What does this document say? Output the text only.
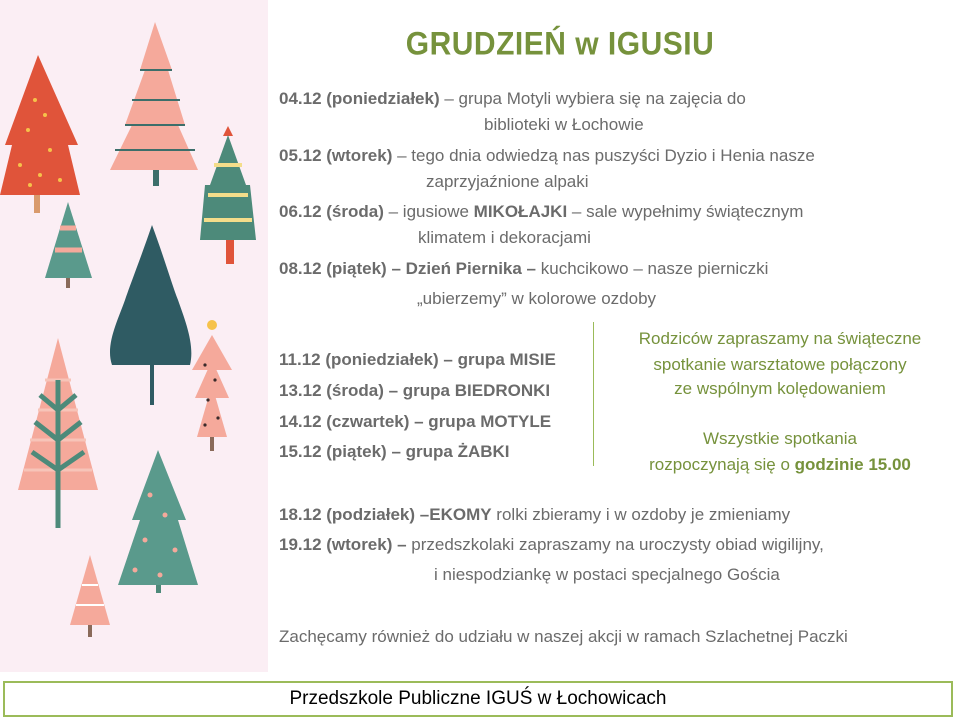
GRUDZIEŃ w IGUSIU
04.12 (poniedziałek) – grupa Motyli wybiera się na zajęcia do
biblioteki w Łochowie
05.12 (wtorek) – tego dnia odwiedzą nas puszyści Dyzio i Henia nasze
zaprzyjaźnione alpaki
06.12 (środa) – igusiowe MIKOŁAJKI – sale wypełnimy świątecznym
klimatem i dekoracjami
08.12 (piątek) – Dzień Piernika – kuchcikowo – nasze pierniczki
„ubierzemy” w kolorowe ozdoby
11.12 (poniedziałek) – grupa MISIE
13.12 (środa) – grupa BIEDRONKI
14.12 (czwartek) – grupa MOTYLE
15.12 (piątek) – grupa ŻABKI
Rodziców zapraszamy na świąteczne
spotkanie warsztatowe połączony
ze wspólnym kolędowaniem
Wszystkie spotkania
rozpoczynają się o godzinie 15.00
18.12 (podziałek) –EKOMY rolki zbieramy i w ozdoby je zmieniamy
19.12 (wtorek) – przedszkolaki zapraszamy na uroczysty obiad wigilijny,
i niespodziankę w postaci specjalnego Gościa
Zachęcamy również do udziału w naszej akcji w ramach Szlachetnej Paczki
Przedszkole Publiczne IGUŚ w Łochowicach
